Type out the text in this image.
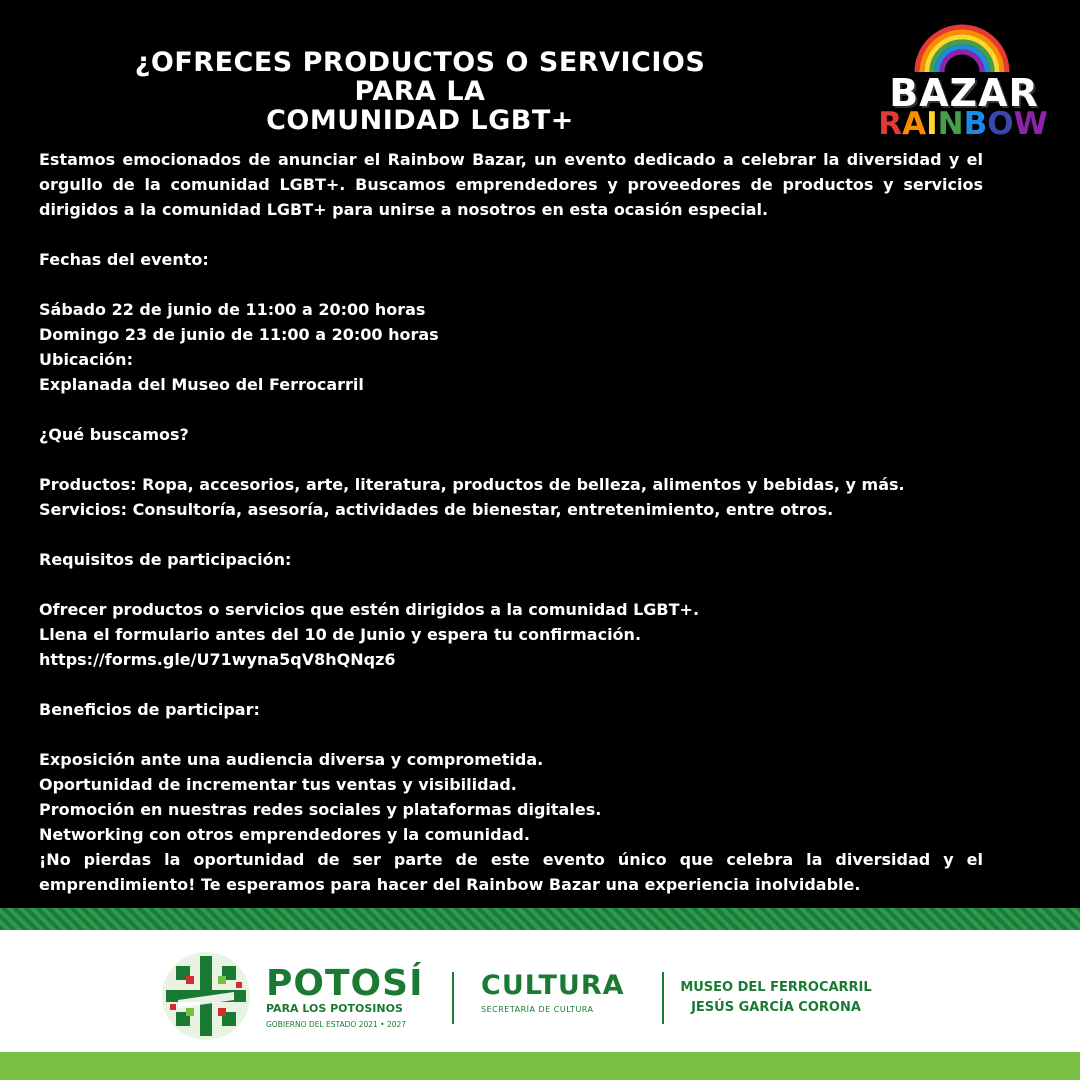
¿OFRECES PRODUCTOS O SERVICIOS PARA LA
COMUNIDAD LGBT+
BAZAR
RAINBOW

Estamos emocionados de anunciar el Rainbow Bazar, un evento dedicado a celebrar la diversidad y el orgullo de la comunidad LGBT+. Buscamos emprendedores y proveedores de productos y servicios dirigidos a la comunidad LGBT+ para unirse a nosotros en esta ocasión especial.

Fechas del evento:

Sábado 22 de junio de 11:00 a 20:00 horas

Domingo 23 de junio de 11:00 a 20:00 horas

Ubicación:

Explanada del Museo del Ferrocarril

¿Qué buscamos?

Productos: Ropa, accesorios, arte, literatura, productos de belleza, alimentos y bebidas, y más.

Servicios: Consultoría, asesoría, actividades de bienestar, entretenimiento, entre otros.

Requisitos de participación:

Ofrecer productos o servicios que estén dirigidos a la comunidad LGBT+.

Llena el formulario antes del 10 de Junio y espera tu confirmación.

https://forms.gle/U71wyna5qV8hQNqz6

Beneficios de participar:

Exposición ante una audiencia diversa y comprometida.

Oportunidad de incrementar tus ventas y visibilidad.

Promoción en nuestras redes sociales y plataformas digitales.

Networking con otros emprendedores y la comunidad.

¡No pierdas la oportunidad de ser parte de este evento único que celebra la diversidad y el emprendimiento! Te esperamos para hacer del Rainbow Bazar una experiencia inolvidable.

POTOSÍ
PARA LOS POTOSINOS
GOBIERNO DEL ESTADO 2021 • 2027
CULTURA
SECRETARÍA DE CULTURA
MUSEO DEL FERROCARRIL
JESÚS GARCÍA CORONA
